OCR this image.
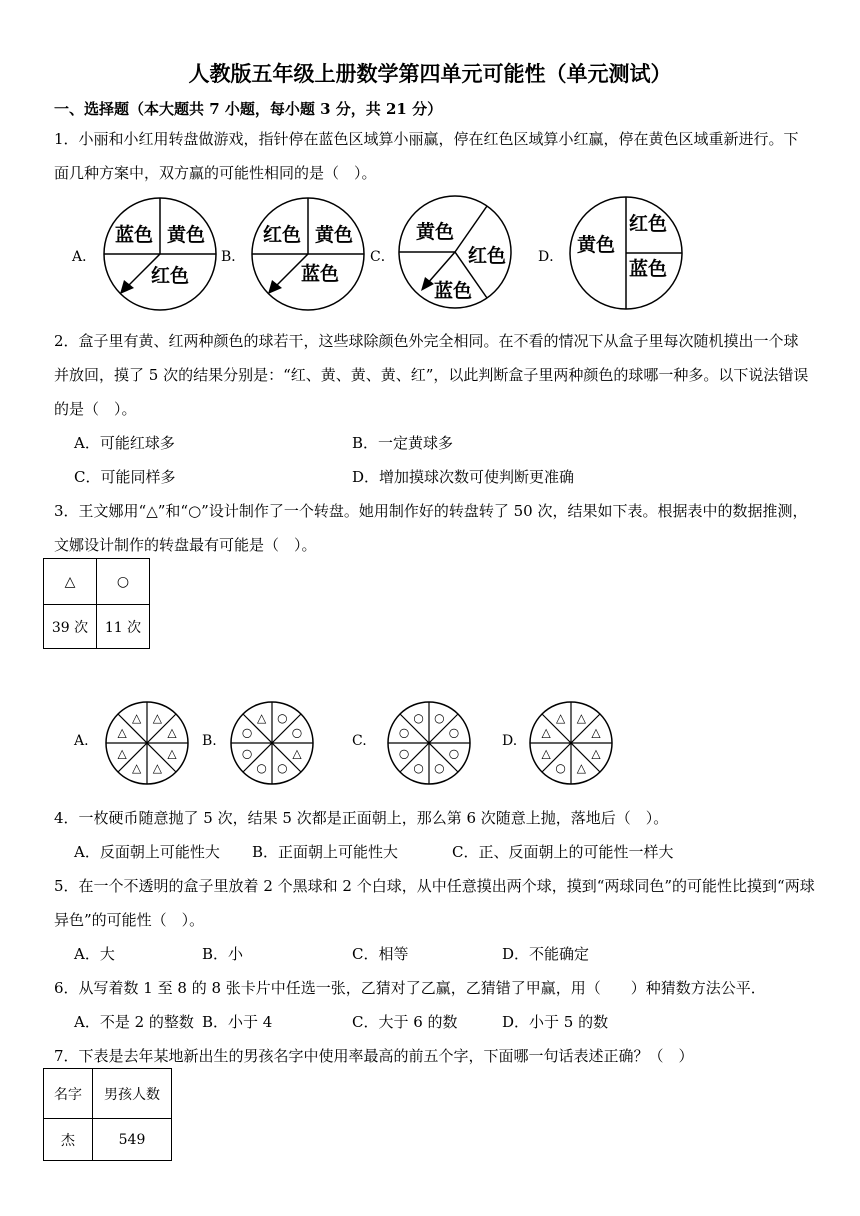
人教版五年级上册数学第四单元可能性（单元测试）
一、选择题（本大题共 7 小题，每小题 3 分，共 21 分）
1．小丽和小红用转盘做游戏，指针停在蓝色区域算小丽赢，停在红色区域算小红赢，停在黄色区域重新进行。下
面几种方案中，双方赢的可能性相同的是（　）。
A．	B．	C．	D．
蓝色 黄色
红色
红色 黄色
蓝色
黄色
红色
蓝色
红色
黄色
蓝色
2．盒子里有黄、红两种颜色的球若干，这些球除颜色外完全相同。在不看的情况下从盒子里每次随机摸出一个球
并放回，摸了 5 次的结果分别是：“红、黄、黄、黄、红”，以此判断盒子里两种颜色的球哪一种多。以下说法错误
的是（　）。
A．可能红球多	B．一定黄球多
C．可能同样多	D．增加摸球次数可使判断更准确
3．王文娜用“△”和“○”设计制作了一个转盘。她用制作好的转盘转了 50 次，结果如下表。根据表中的数据推测，
文娜设计制作的转盘最有可能是（　）。
△	○
39 次	11 次
A.	B.	C.	D.
△
△
△
△
△
△
△
△	○
○
△
○
○
○
○
△	○
○
○
○
○
○
○
○	△
△
△
△
○
△
△
△
4．一枚硬币随意抛了 5 次，结果 5 次都是正面朝上，那么第 6 次随意上抛，落地后（　）。
A．反面朝上可能性大 B．正面朝上可能性大	C．正、反面朝上的可能性一样大
5．在一个不透明的盒子里放着 2 个黑球和 2 个白球，从中任意摸出两个球，摸到“两球同色”的可能性比摸到“两球
异色”的可能性（　）。
A．大	B．小	C．相等	D．不能确定
6．从写着数 1 至 8 的 8 张卡片中任选一张，乙猜对了乙赢，乙猜错了甲赢，用（　　）种猜数方法公平．
A．不是 2 的整数 B．小于 4	C．大于 6 的数	D．小于 5 的数
7．下表是去年某地新出生的男孩名字中使用率最高的前五个字，下面哪一句话表述正确？（　）
名字	男孩人数
杰	549
